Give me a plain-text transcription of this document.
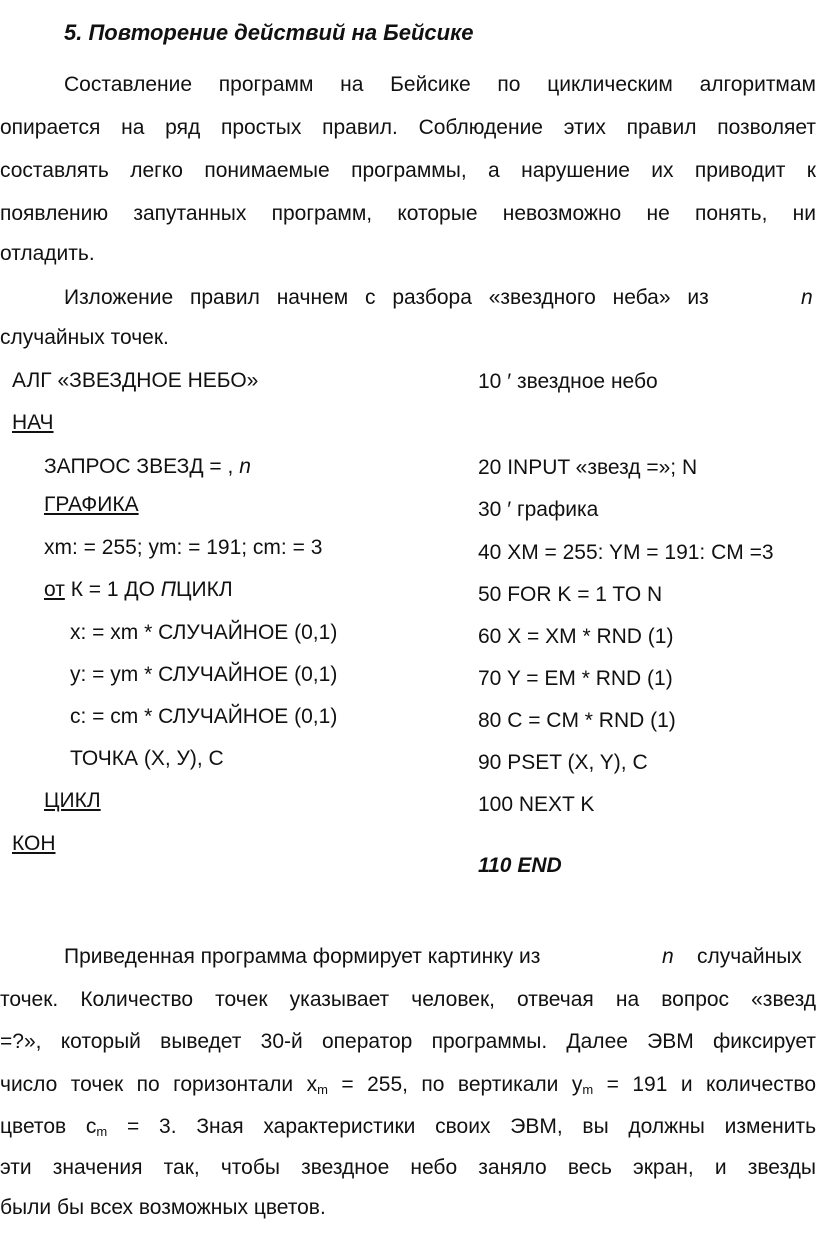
5. Повторение действий на Бейсике
Составление программ на Бейсике по циклическим алгоритмам
опирается на ряд простых правил. Соблюдение этих правил позволяет
составлять легко понимаемые программы, а нарушение их приводит к
появлению запутанных программ, которые невозможно не понять, ни
отладить.
Изложение правил начнем с разбора «звездного неба» из	n
случайных точек.
АЛГ «ЗВЕЗДНОЕ НЕБО»
НАЧ
ЗАПРОС ЗВЕЗД = , n
ГРАФИКА
xm: = 255; ym: = 191; cm: = 3
от К = 1 ДО ПЦИКЛ
x: = xm * СЛУЧАЙНОЕ (0,1)
y: = ym * СЛУЧАЙНОЕ (0,1)
c: = cm * СЛУЧАЙНОЕ (0,1)
ТОЧКА (X, У), С
ЦИКЛ
КОН
10 ′ звездное небо
20 INPUT «звезд =»; N
30 ′ графика
40 XM = 255: YM = 191: CM =3
50 FOR K = 1 TO N
60 X = XM * RND (1)
70 Y = EM * RND (1)
80 C = CM * RND (1)
90 PSET (X, Y), C
100 NEXT K
110 END
Приведенная программа формирует картинку из	n случайных
точек. Количество точек указывает человек, отвечая на вопрос «звезд
=?», который выведет 30-й оператор программы. Далее ЭВМ фиксирует
число точек по горизонтали $x_m = 255$, по вертикали $y_m = 191$ и количество
цветов $c_m = 3$. Зная характеристики своих ЭВМ, вы должны изменить
эти значения так, чтобы звездное небо заняло весь экран, и звезды
были бы всех возможных цветов.
